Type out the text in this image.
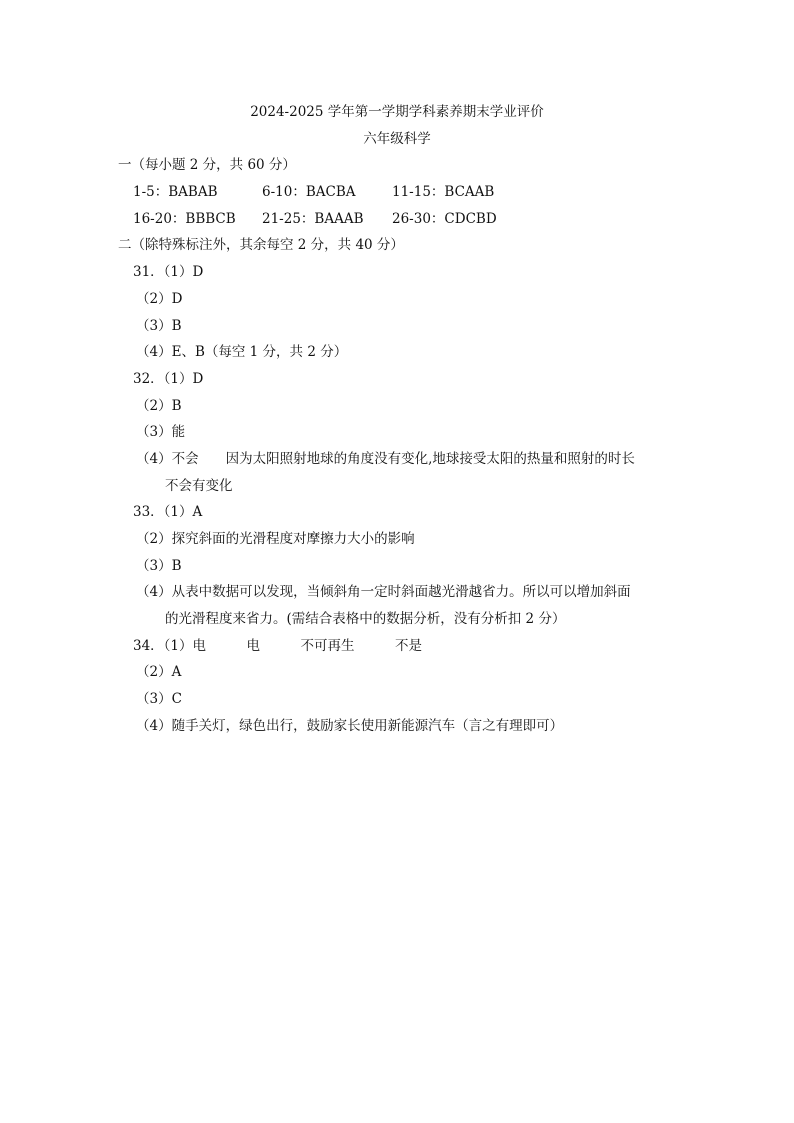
2024-2025 学年第一学期学科素养期末学业评价
六年级科学
一（每小题 2 分，共 60 分）
1-5：BABAB	6-10：BACBA	11-15：BCAAB
16-20：BBBCB 21-25：BAAAB 26-30：CDCBD
二（除特殊标注外，其余每空 2 分，共 40 分）
31．（1）D
（2）D
（3）B
（4）E、B（每空 1 分，共 2 分）
32．（1）D
（2）B
（3）能
（4）不会　　因为太阳照射地球的角度没有变化,地球接受太阳的热量和照射的时长
不会有变化
33．（1）A
（2）探究斜面的光滑程度对摩擦力大小的影响
（3）B
（4）从表中数据可以发现，当倾斜角一定时斜面越光滑越省力。所以可以增加斜面
的光滑程度来省力。(需结合表格中的数据分析，没有分析扣 2 分）
34．（1）电　　　电　　　不可再生　　　不是
（2）A
（3）C
（4）随手关灯，绿色出行，鼓励家长使用新能源汽车（言之有理即可）
